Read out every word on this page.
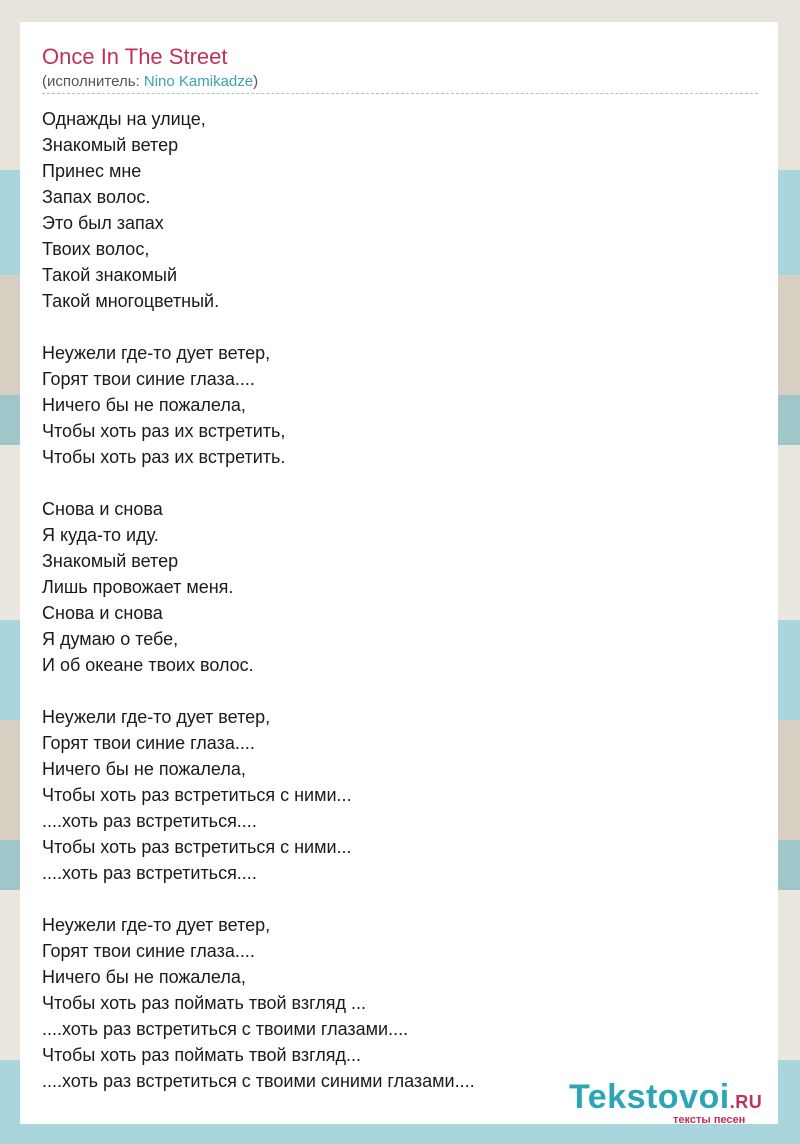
Once In The Street
(исполнитель: Nino Kamikadze)
Однажды на улице,
Знакомый ветер
Принес мне
Запах волос.
Это был запах
Твоих волос,
Такой знакомый
Такой многоцветный.
Неужели где-то дует ветер,
Горят твои синие глаза....
Ничего бы не пожалела,
Чтобы хоть раз их встретить,
Чтобы хоть раз их встретить.
Снова и снова
Я куда-то иду.
Знакомый ветер
Лишь провожает меня.
Снова и снова
Я думаю о тебе,
И об океане твоих волос.
Неужели где-то дует ветер,
Горят твои синие глаза....
Ничего бы не пожалела,
Чтобы хоть раз встретиться с ними...
....хоть раз встретиться....
Чтобы хоть раз встретиться с ними...
....хоть раз встретиться....
Неужели где-то дует ветер,
Горят твои синие глаза....
Ничего бы не пожалела,
Чтобы хоть раз поймать твой взгляд ...
....хоть раз встретиться с твоими глазами....
Чтобы хоть раз поймать твой взгляд...
....хоть раз встретиться с твоими синими глазами....	Tekstovoi.RU
тексты песен
